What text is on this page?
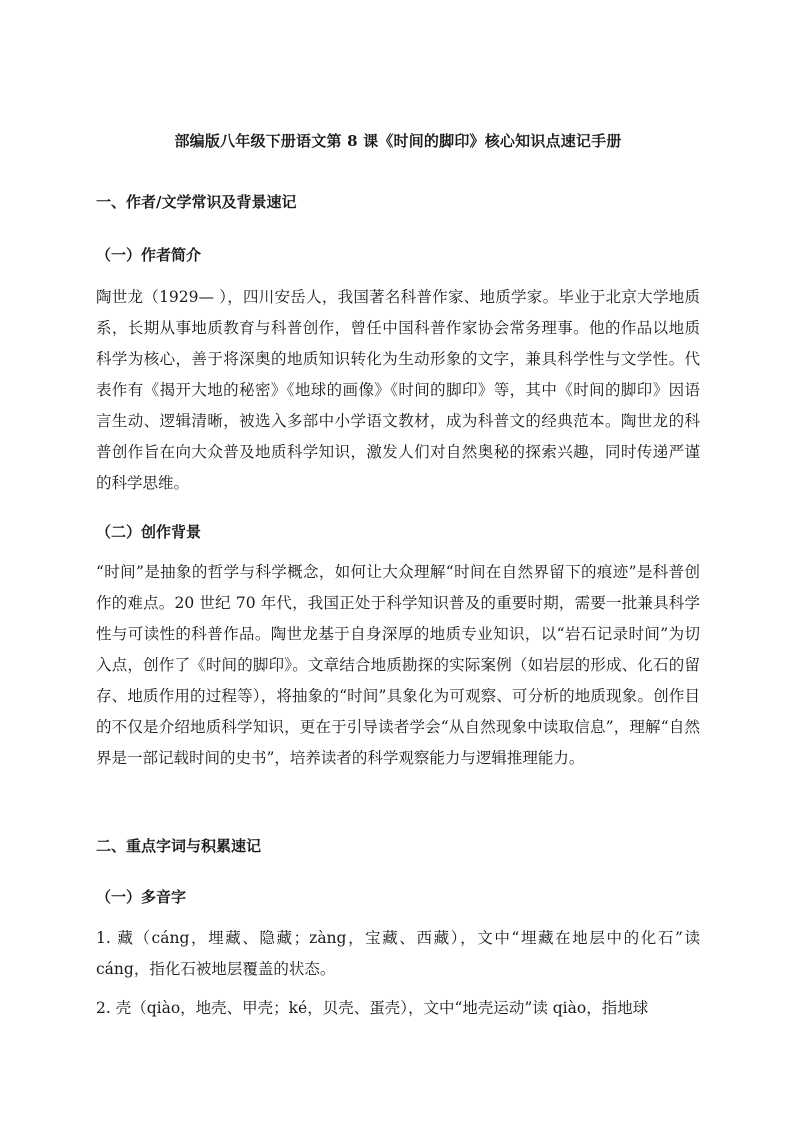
部编版八年级下册语文第 8 课《时间的脚印》核心知识点速记手册
一、作者/文学常识及背景速记
（一）作者简介

陶世龙（1929— ），四川安岳人，我国著名科普作家、地质学家。毕业于北京大学地质系，长期从事地质教育与科普创作，曾任中国科普作家协会常务理事。他的作品以地质科学为核心，善于将深奥的地质知识转化为生动形象的文字，兼具科学性与文学性。代表作有《揭开大地的秘密》《地球的画像》《时间的脚印》等，其中《时间的脚印》因语言生动、逻辑清晰，被选入多部中小学语文教材，成为科普文的经典范本。陶世龙的科普创作旨在向大众普及地质科学知识，激发人们对自然奥秘的探索兴趣，同时传递严谨的科学思维。

（二）创作背景

“时间”是抽象的哲学与科学概念，如何让大众理解“时间在自然界留下的痕迹”是科普创作的难点。20 世纪 70 年代，我国正处于科学知识普及的重要时期，需要一批兼具科学性与可读性的科普作品。陶世龙基于自身深厚的地质专业知识，以“岩石记录时间”为切入点，创作了《时间的脚印》。文章结合地质勘探的实际案例（如岩层的形成、化石的留存、地质作用的过程等），将抽象的“时间”具象化为可观察、可分析的地质现象。创作目的不仅是介绍地质科学知识，更在于引导读者学会“从自然现象中读取信息”，理解“自然界是一部记载时间的史书”，培养读者的科学观察能力与逻辑推理能力。

二、重点字词与积累速记
（一）多音字

1. 藏（cáng，埋藏、隐藏；zàng，宝藏、西藏），文中“埋藏在地层中的化石”读 cáng，指化石被地层覆盖的状态。

2. 壳（qiào，地壳、甲壳；ké，贝壳、蛋壳），文中“地壳运动”读 qiào，指地球
